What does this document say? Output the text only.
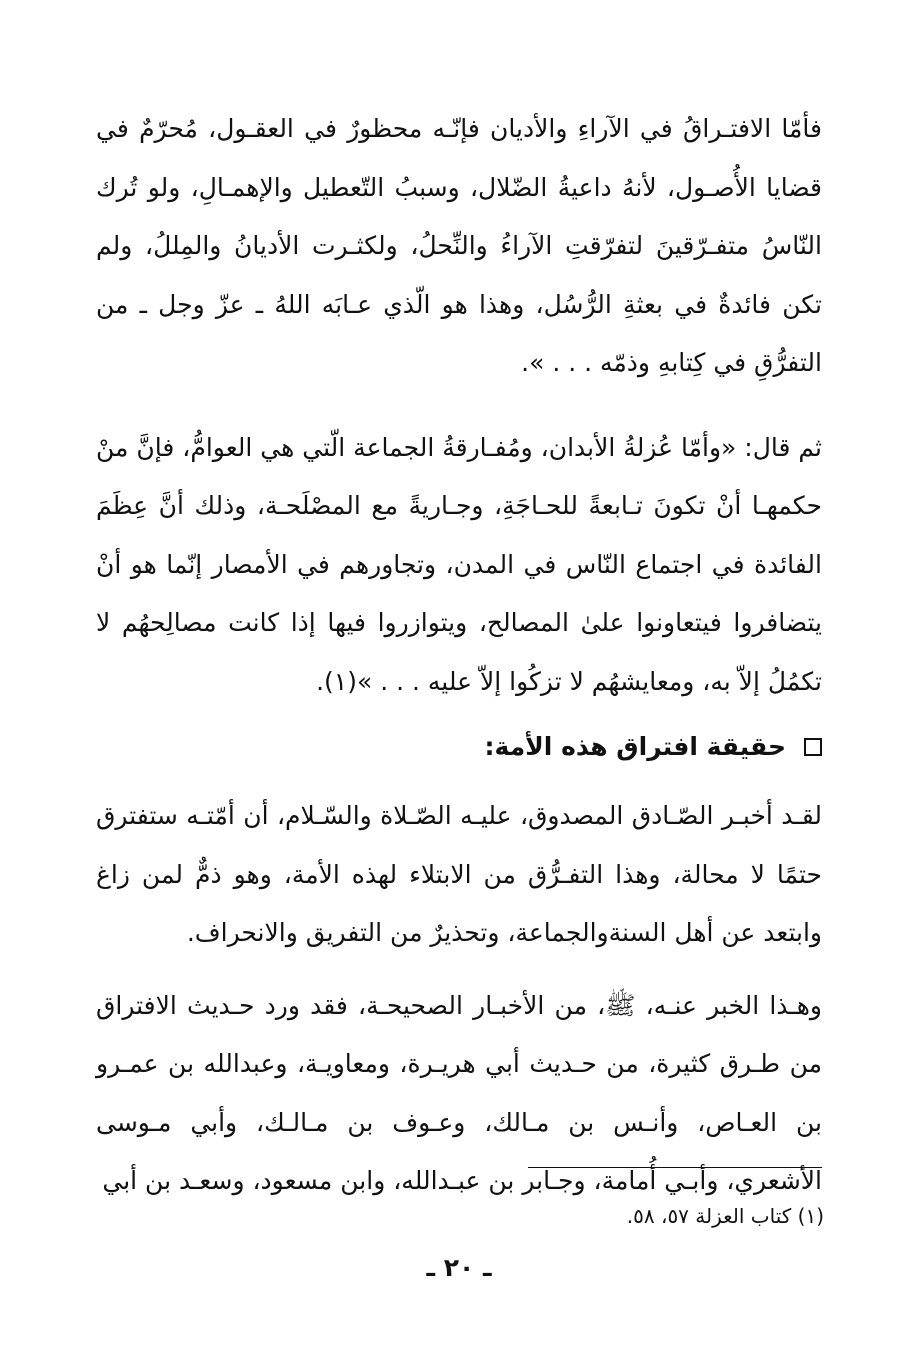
فأمّا الافتـراقُ في الآراءِ والأديان فإنّـه محظورٌ في العقـول، مُحرّمٌ في قضايا الأُصـول، لأنهُ داعيةُ الضّلال، وسببُ التّعطيل والإهمـالِ، ولو تُرك النّاسُ متفـرّقينَ لتفرّقتِ الآراءُ والنِّحلُ، ولكثـرت الأديانُ والمِللُ، ولم تكن فائدةٌ في بعثةِ الرُّسُل، وهذا هو الّذي عـابَه اللهُ ـ عزّ وجل ـ من التفرُّقِ في كِتابهِ وذمّه . . . ».

ثم قال: «وأمّا عُزلةُ الأبدان، ومُفـارقةُ الجماعة الّتي هي العوامُّ، فإنَّ منْ حكمهـا أنْ تكونَ تـابعةً للحـاجَةِ، وجـاريةً مع المصْلَحـة، وذلك أنَّ عِظَمَ الفائدة في اجتماع النّاس في المدن، وتجاورهم في الأمصار إنّما هو أنْ يتضافروا فيتعاونوا علىٰ المصالح، ويتوازروا فيها إذا كانت مصالِحهُم لا تكمُلُ إلاّ به، ومعايشهُم لا تزكُوا إلاّ عليه . . . »(١).

حقيقة افتراق هذه الأمة:

لقـد أخبـر الصّـادق المصدوق، عليـه الصّـلاة والسّـلام، أن أمّتـه ستفترق حتمًا لا محالة، وهذا التفـرُّق من الابتلاء لهذه الأمة، وهو ذمٌّ لمن زاغ وابتعد عن أهل السنةوالجماعة، وتحذيرٌ من التفريق والانحراف.

وهـذا الخبر عنـه، ﷺ، من الأخبـار الصحيحـة، فقد ورد حـديث الافتراق من طـرق كثيرة، من حـديث أبي هريـرة، ومعاويـة، وعبدالله بن عمـرو بن العـاص، وأنـس بن مـالك، وعـوف بن مـالـك، وأبي مـوسى الأشعري، وأبـي أُمامة، وجـابر بن عبـدالله، وابن مسعود، وسعـد بن أبي

(١) كتاب العزلة ٥٧، ٥٨.
ـ ٢٠ ـ
